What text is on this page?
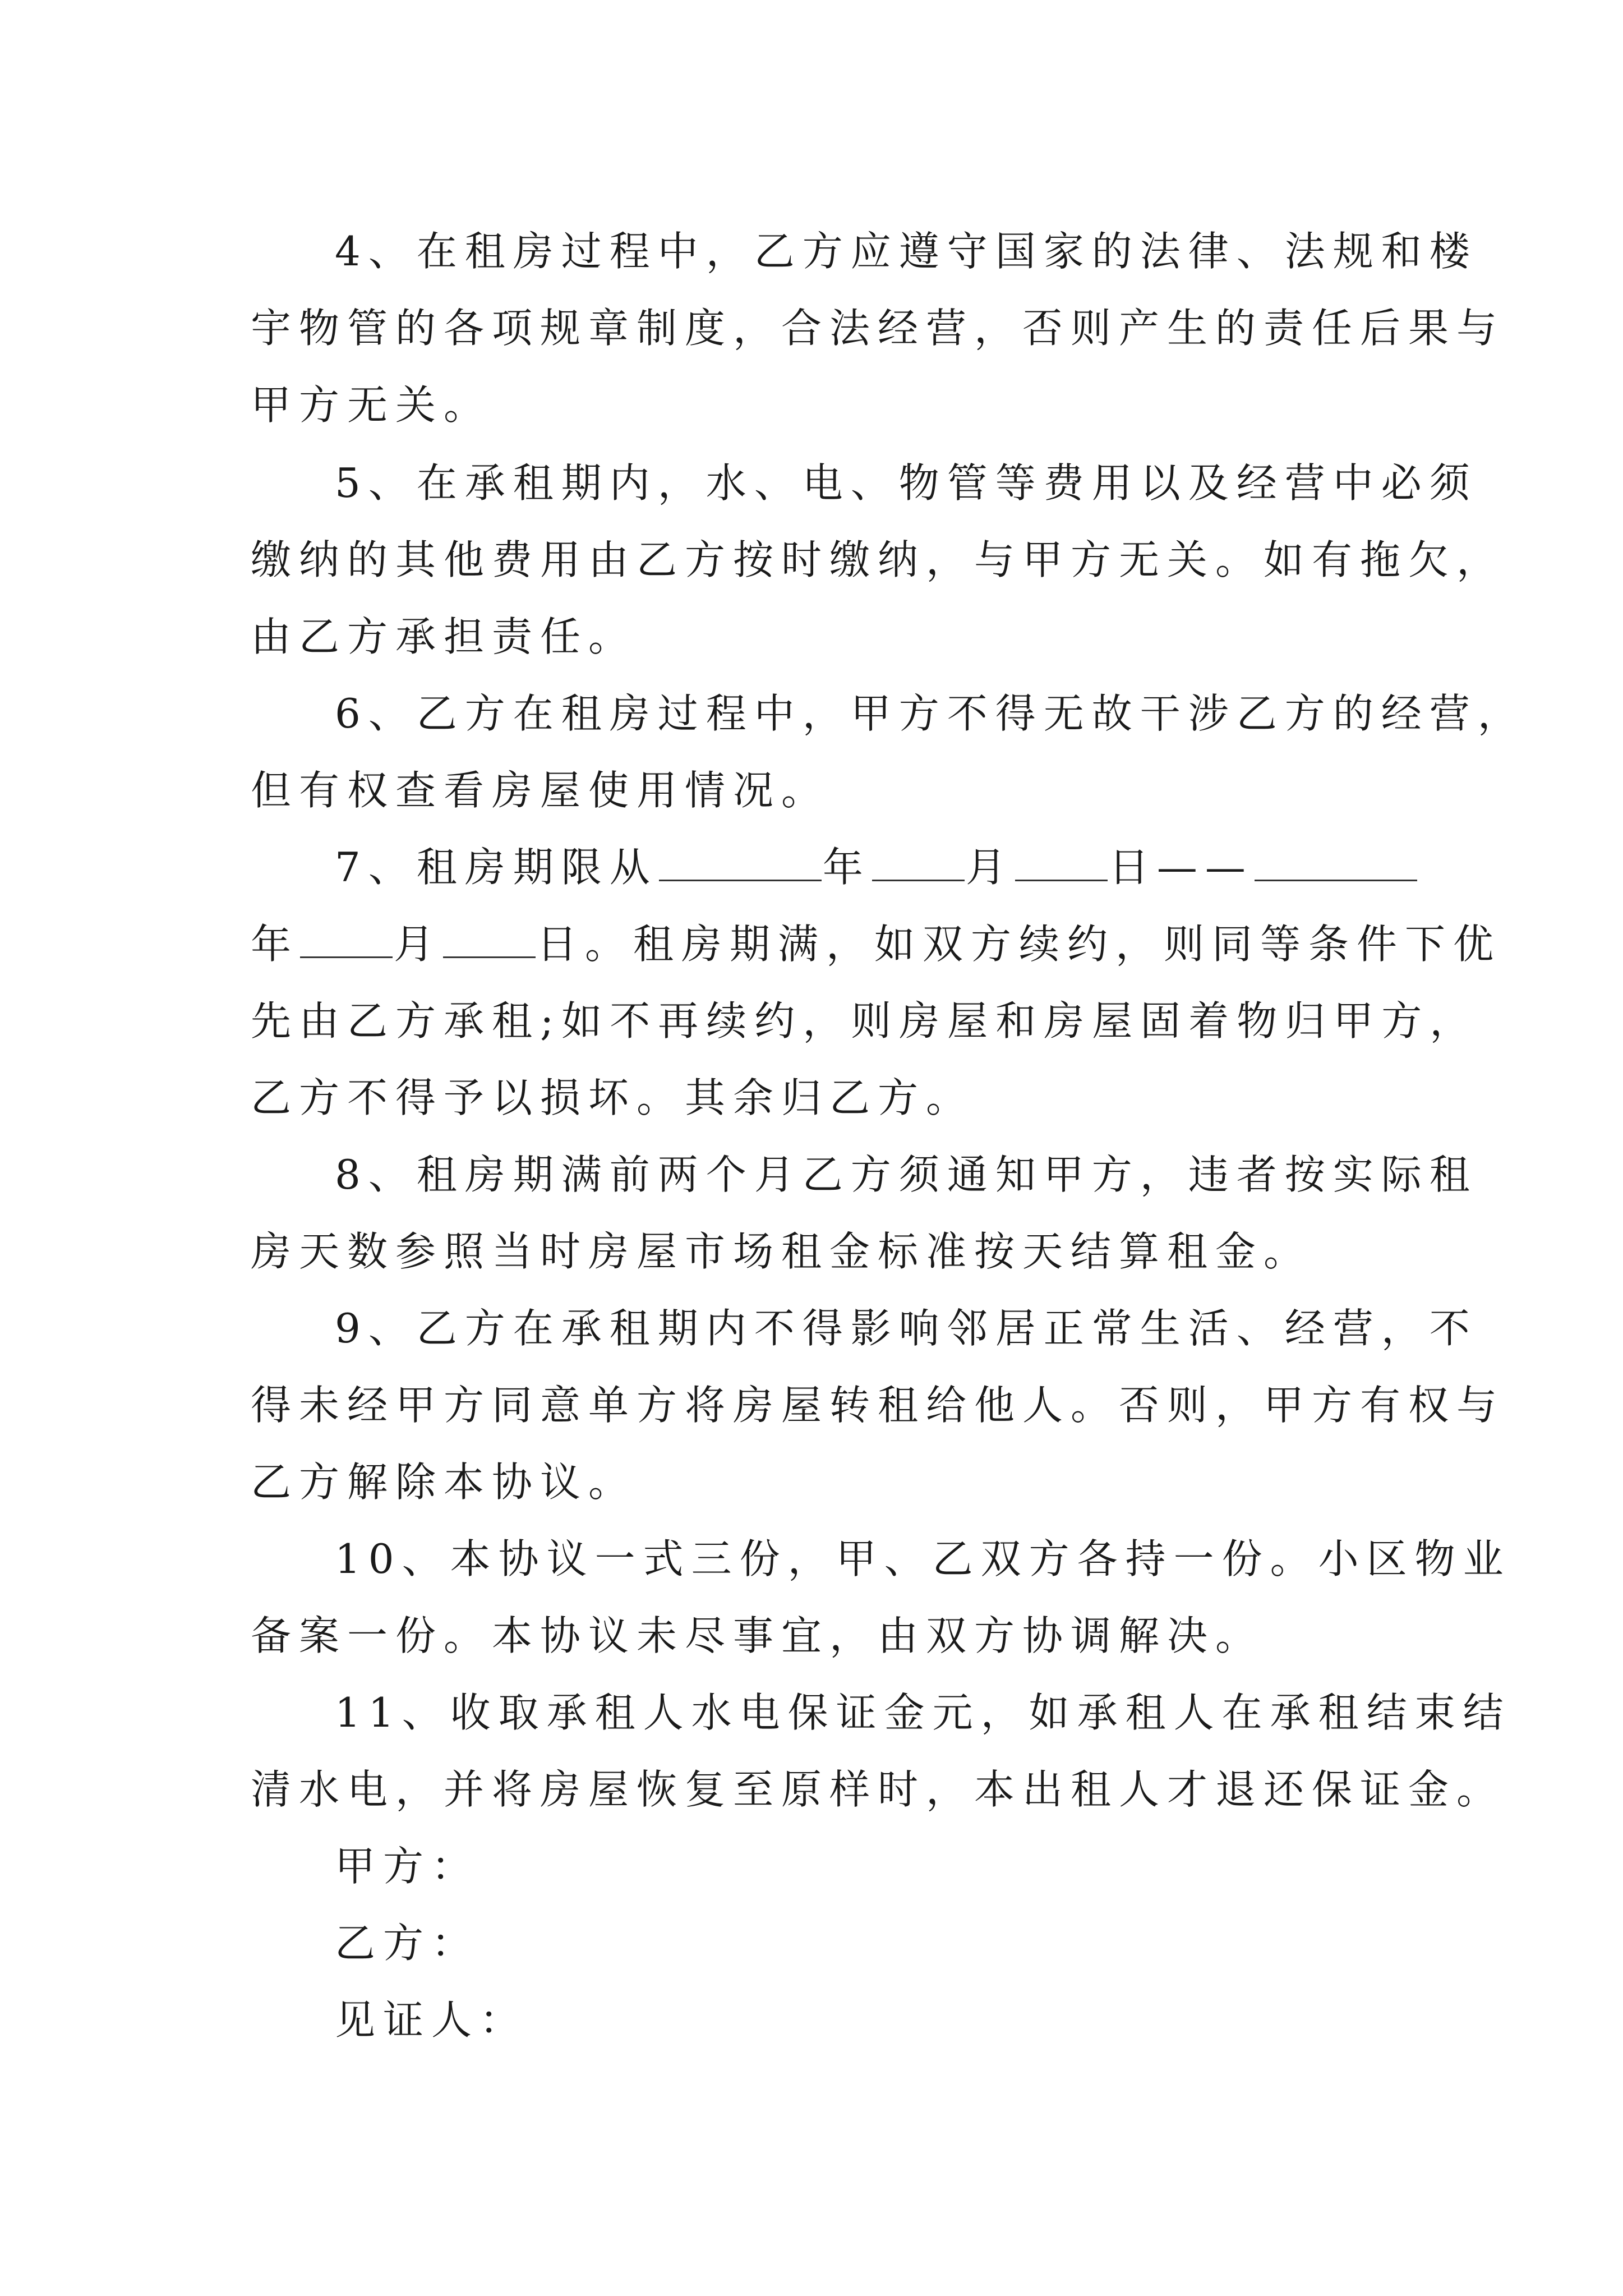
4、在租房过程中，乙方应遵守国家的法律、法规和楼
宇物管的各项规章制度，合法经营，否则产生的责任后果与
甲方无关。
5、在承租期内，水、电、物管等费用以及经营中必须
缴纳的其他费用由乙方按时缴纳，与甲方无关。如有拖欠，
由乙方承担责任。
6、乙方在租房过程中，甲方不得无故干涉乙方的经营，
但有权查看房屋使用情况。
7、租房期限从	年 月 日——
年 月 日。租房期满，如双方续约，则同等条件下优
先由乙方承租;如不再续约，则房屋和房屋固着物归甲方，
乙方不得予以损坏。其余归乙方。
8、租房期满前两个月乙方须通知甲方，违者按实际租
房天数参照当时房屋市场租金标准按天结算租金。
9、乙方在承租期内不得影响邻居正常生活、经营，不
得未经甲方同意单方将房屋转租给他人。否则，甲方有权与
乙方解除本协议。
10、本协议一式三份，甲、乙双方各持一份。小区物业
备案一份。本协议未尽事宜，由双方协调解决。
11、收取承租人水电保证金元，如承租人在承租结束结
清水电，并将房屋恢复至原样时，本出租人才退还保证金。

甲方：

乙方：

见证人：
